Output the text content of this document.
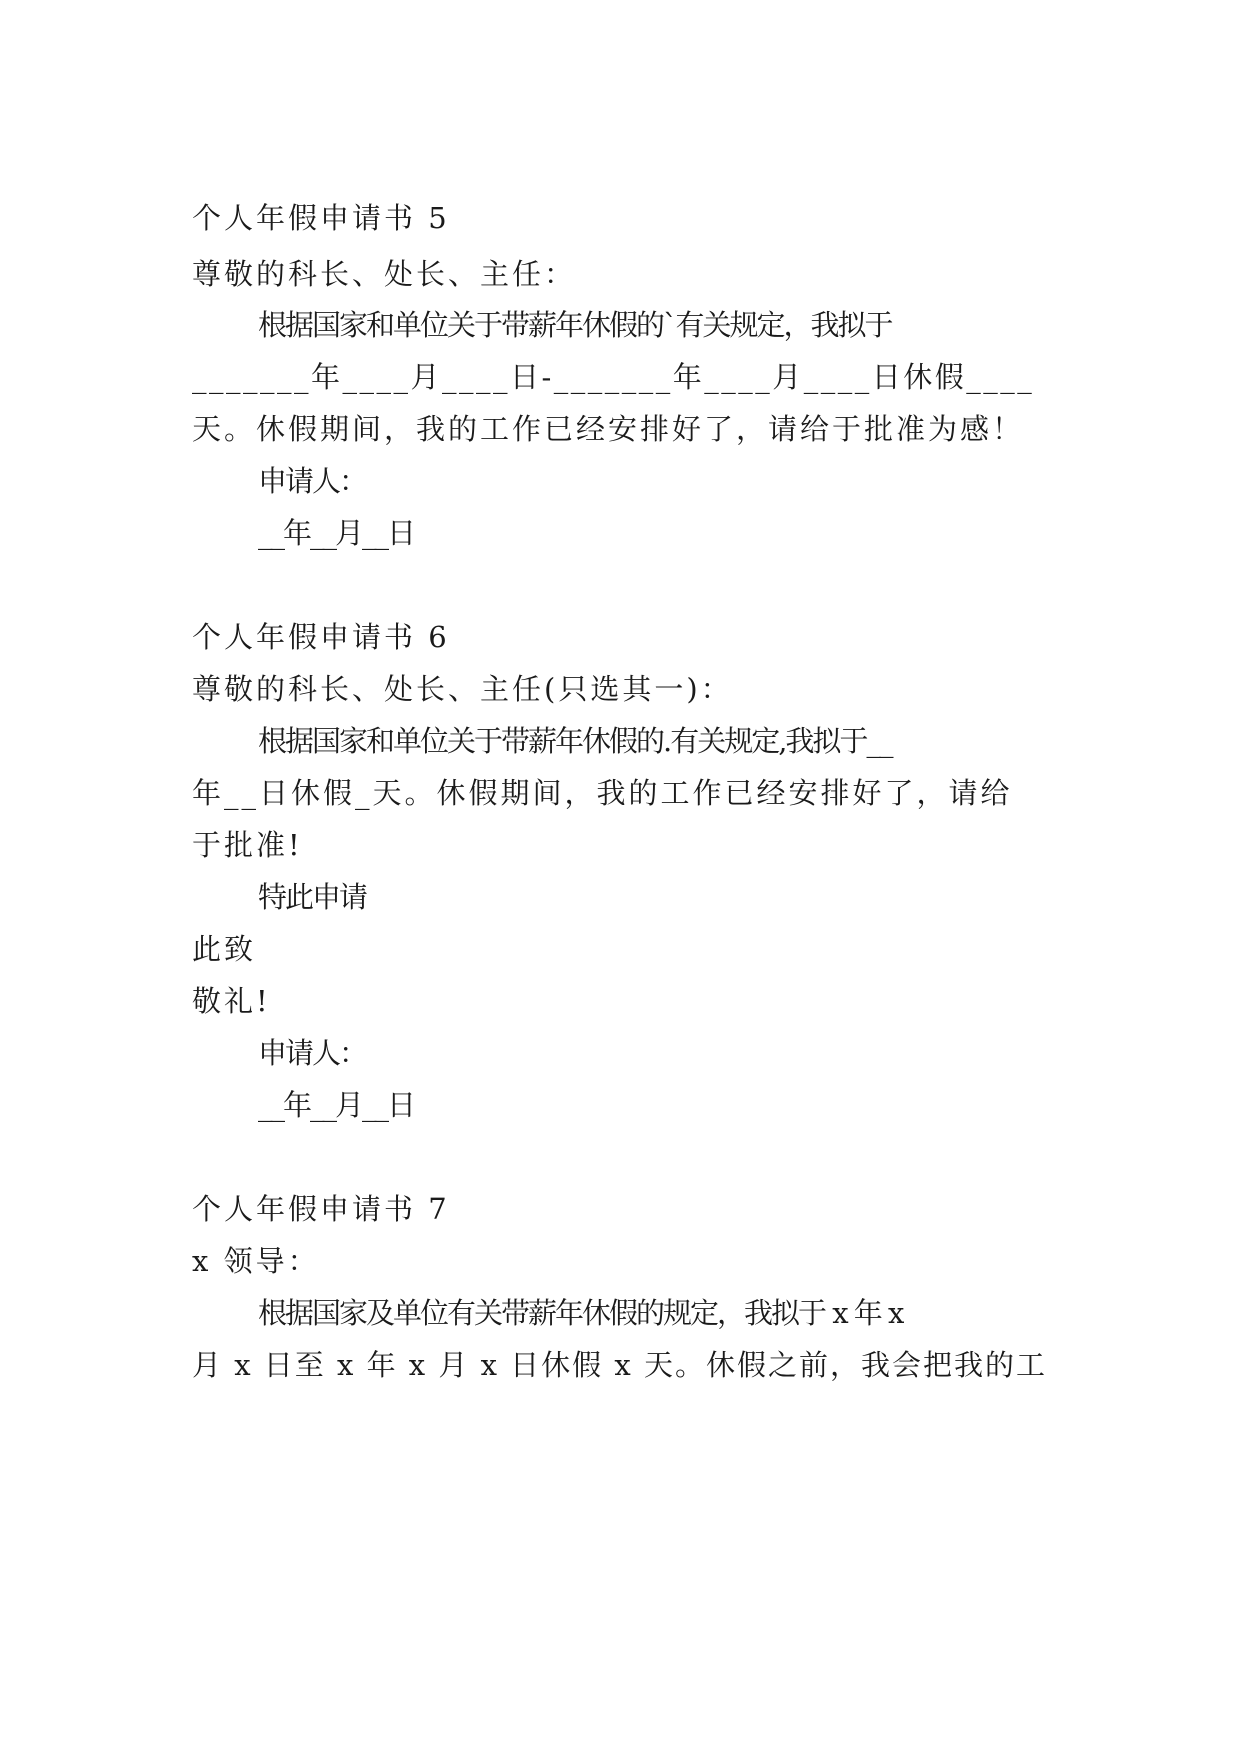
个人年假申请书 5
尊敬的科长、处长、主任：
根据国家和单位关于带薪年休假的`有关规定，我拟于
_______年____月____日-_______年____月____日休假____
天。休假期间，我的工作已经安排好了，请给于批准为感！
申请人：
__年__月__日
个人年假申请书 6
尊敬的科长、处长、主任(只选其一)：
根据国家和单位关于带薪年休假的.有关规定,我拟于__
年__日休假_天。休假期间，我的工作已经安排好了，请给
于批准!
特此申请
此致
敬礼!
申请人：
__年__月__日
个人年假申请书 7
x 领导：
根据国家及单位有关带薪年休假的规定，我拟于 x 年 x
月 x 日至 x 年 x 月 x 日休假 x 天。休假之前，我会把我的工
